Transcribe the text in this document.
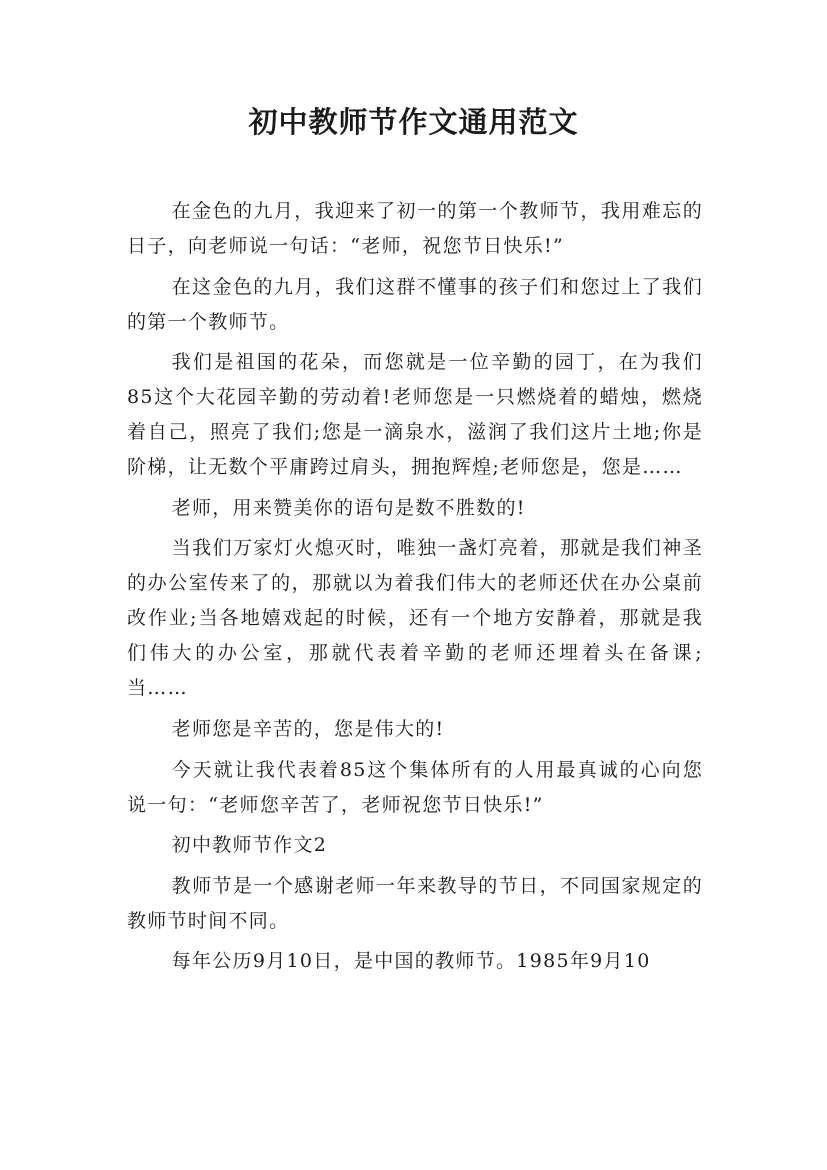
初中教师节作文通用范文

在金色的九月，我迎来了初一的第一个教师节，我用难忘的日子，向老师说一句话：“老师，祝您节日快乐!”

在这金色的九月，我们这群不懂事的孩子们和您过上了我们的第一个教师节。

我们是祖国的花朵，而您就是一位辛勤的园丁，在为我们85这个大花园辛勤的劳动着!老师您是一只燃烧着的蜡烛，燃烧着自己，照亮了我们;您是一滴泉水，滋润了我们这片土地;你是阶梯，让无数个平庸跨过肩头，拥抱辉煌;老师您是，您是……

老师，用来赞美你的语句是数不胜数的!

当我们万家灯火熄灭时，唯独一盏灯亮着，那就是我们神圣的办公室传来了的，那就以为着我们伟大的老师还伏在办公桌前改作业;当各地嬉戏起的时候，还有一个地方安静着，那就是我们伟大的办公室，那就代表着辛勤的老师还埋着头在备课;当……

老师您是辛苦的，您是伟大的!

今天就让我代表着85这个集体所有的人用最真诚的心向您说一句：“老师您辛苦了，老师祝您节日快乐!”

初中教师节作文2

教师节是一个感谢老师一年来教导的节日，不同国家规定的教师节时间不同。

每年公历9月10日，是中国的教师节。1985年9月10
